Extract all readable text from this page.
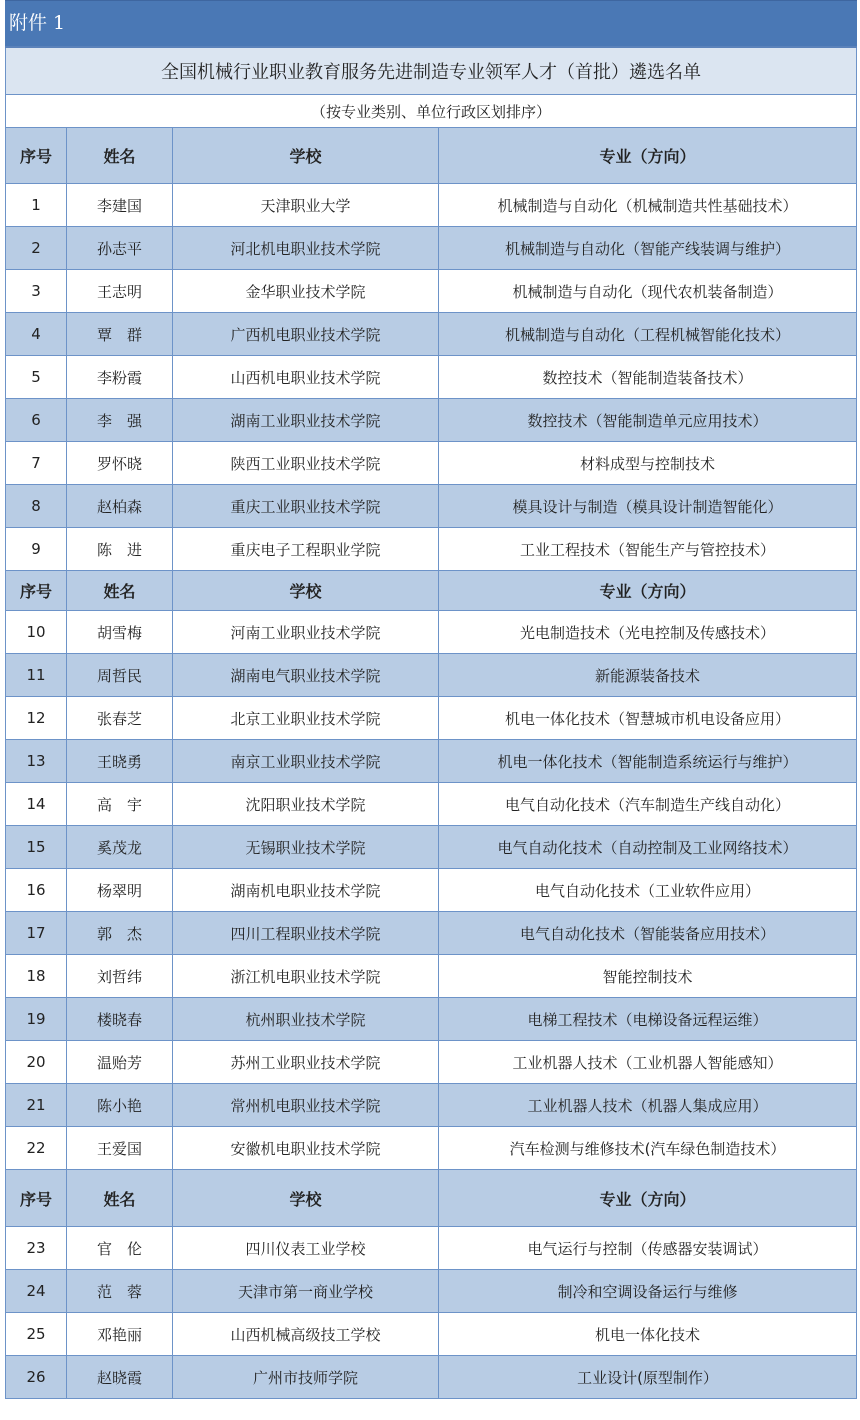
附件 1
全国机械行业职业教育服务先进制造专业领军人才（首批）遴选名单			
（按专业类别、单位行政区划排序）			
序号	姓名	学校	专业（方向）
1	李建国	天津职业大学	机械制造与自动化（机械制造共性基础技术）
2	孙志平	河北机电职业技术学院	机械制造与自动化（智能产线装调与维护）
3	王志明	金华职业技术学院	机械制造与自动化（现代农机装备制造）
4	覃　群	广西机电职业技术学院	机械制造与自动化（工程机械智能化技术）
5	李粉霞	山西机电职业技术学院	数控技术（智能制造装备技术）
6	李　强	湖南工业职业技术学院	数控技术（智能制造单元应用技术）
7	罗怀晓	陕西工业职业技术学院	材料成型与控制技术
8	赵柏森	重庆工业职业技术学院	模具设计与制造（模具设计制造智能化）
9	陈　进	重庆电子工程职业学院	工业工程技术（智能生产与管控技术）
序号	姓名	学校	专业（方向）
10	胡雪梅	河南工业职业技术学院	光电制造技术（光电控制及传感技术）
11	周哲民	湖南电气职业技术学院	新能源装备技术
12	张春芝	北京工业职业技术学院	机电一体化技术（智慧城市机电设备应用）
13	王晓勇	南京工业职业技术学院	机电一体化技术（智能制造系统运行与维护）
14	高　宇	沈阳职业技术学院	电气自动化技术（汽车制造生产线自动化）
15	奚茂龙	无锡职业技术学院	电气自动化技术（自动控制及工业网络技术）
16	杨翠明	湖南机电职业技术学院	电气自动化技术（工业软件应用）
17	郭　杰	四川工程职业技术学院	电气自动化技术（智能装备应用技术）
18	刘哲纬	浙江机电职业技术学院	智能控制技术
19	楼晓春	杭州职业技术学院	电梯工程技术（电梯设备远程运维）
20	温贻芳	苏州工业职业技术学院	工业机器人技术（工业机器人智能感知）
21	陈小艳	常州机电职业技术学院	工业机器人技术（机器人集成应用）
22	王爱国	安徽机电职业技术学院	汽车检测与维修技术(汽车绿色制造技术）
序号	姓名	学校	专业（方向）
23	官　伦	四川仪表工业学校	电气运行与控制（传感器安装调试）
24	范　蓉	天津市第一商业学校	制冷和空调设备运行与维修
25	邓艳丽	山西机械高级技工学校	机电一体化技术
26	赵晓霞	广州市技师学院	工业设计(原型制作）
